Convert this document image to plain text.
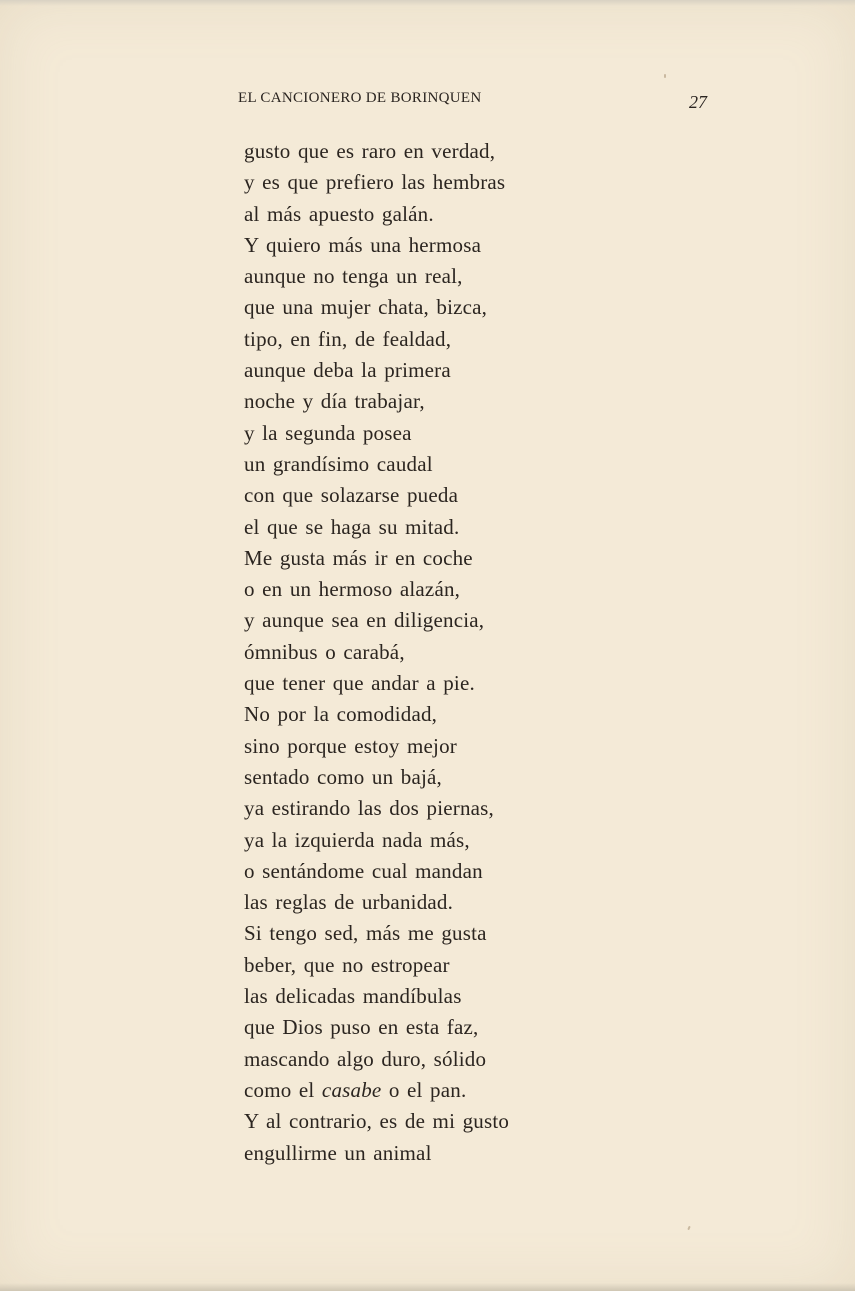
EL CANCIONERO DE BORINQUEN	27
gusto que es raro en verdad,
y es que prefiero las hembras
al más apuesto galán.
Y quiero más una hermosa
aunque no tenga un real,
que una mujer chata, bizca,
tipo, en fin, de fealdad,
aunque deba la primera
noche y día trabajar,
y la segunda posea
un grandísimo caudal
con que solazarse pueda
el que se haga su mitad.
Me gusta más ir en coche
o en un hermoso alazán,
y aunque sea en diligencia,
ómnibus o carabá,
que tener que andar a pie.
No por la comodidad,
sino porque estoy mejor
sentado como un bajá,
ya estirando las dos piernas,
ya la izquierda nada más,
o sentándome cual mandan
las reglas de urbanidad.
Si tengo sed, más me gusta
beber, que no estropear
las delicadas mandíbulas
que Dios puso en esta faz,
mascando algo duro, sólido
como el casabe o el pan.
Y al contrario, es de mi gusto
engullirme un animal
